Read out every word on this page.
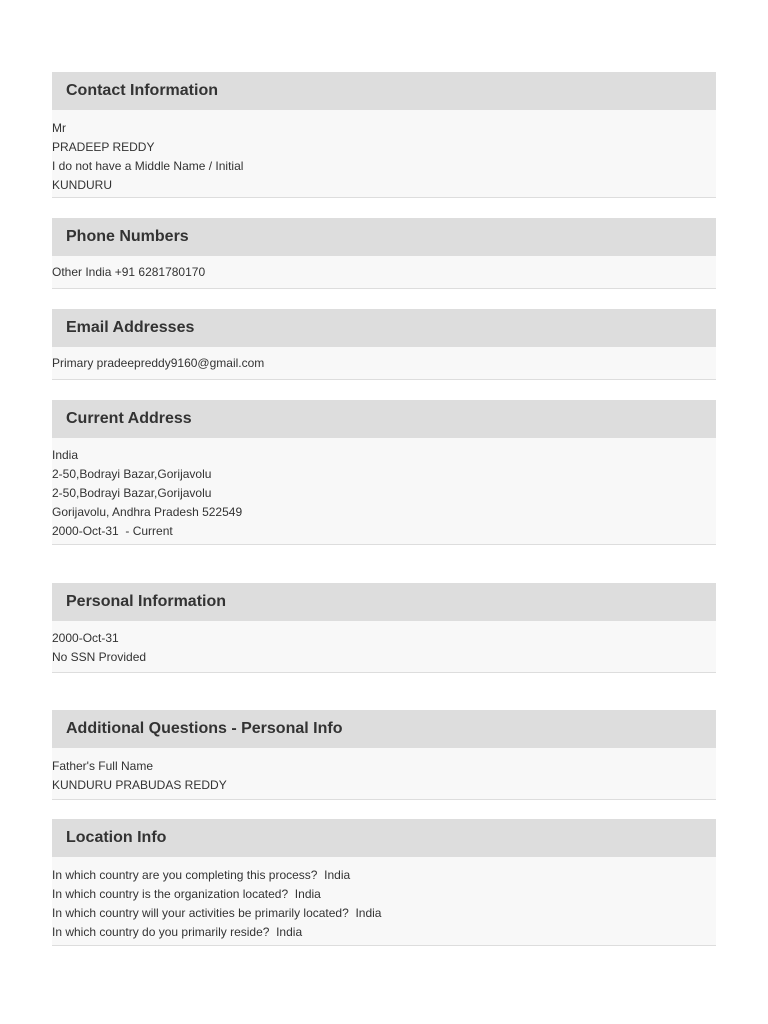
Contact Information
Mr
PRADEEP REDDY
I do not have a Middle Name / Initial
KUNDURU
Phone Numbers
Other India +91 6281780170
Email Addresses
Primary pradeepreddy9160@gmail.com
Current Address
India
2-50,Bodrayi Bazar,Gorijavolu
2-50,Bodrayi Bazar,Gorijavolu
Gorijavolu, Andhra Pradesh 522549
2000-Oct-31  - Current
Personal Information
2000-Oct-31
No SSN Provided
Additional Questions - Personal Info
Father's Full Name
KUNDURU PRABUDAS REDDY
Location Info
In which country are you completing this process?  India
In which country is the organization located?  India
In which country will your activities be primarily located?  India
In which country do you primarily reside?  India
